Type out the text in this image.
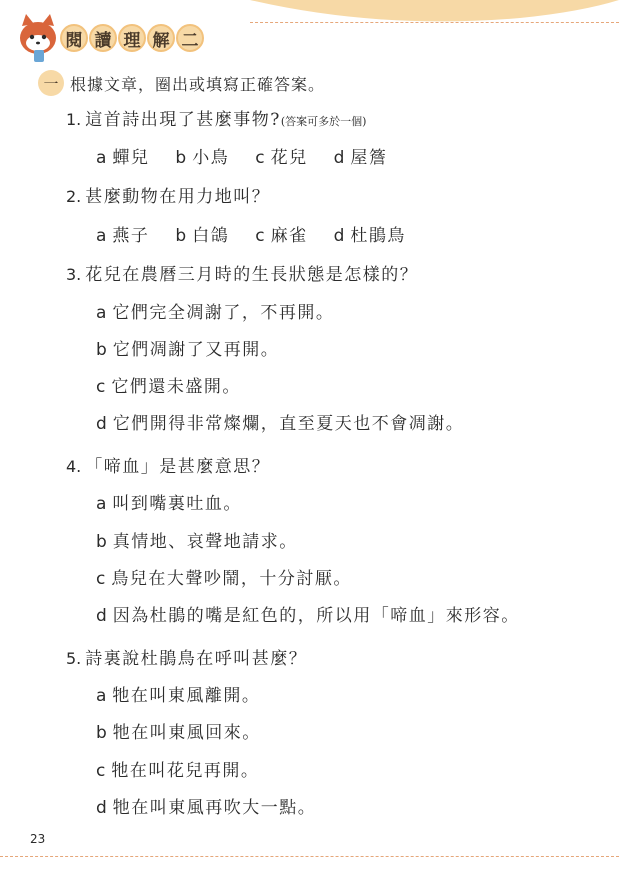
閱 讀 理 解 二
一 根據文章，圈出或填寫正確答案。
1. 這首詩出現了甚麼事物?(答案可多於一個)
a 蟬兒 b 小鳥 c 花兒 d 屋簷
2. 甚麼動物在用力地叫？
a 燕子 b 白鴿 c 麻雀 d 杜鵑鳥
3. 花兒在農曆三月時的生長狀態是怎樣的？
a 它們完全凋謝了，不再開。
b 它們凋謝了又再開。
c 它們還未盛開。
d 它們開得非常燦爛，直至夏天也不會凋謝。
4. 「啼血」是甚麼意思？
a 叫到嘴裏吐血。
b 真情地、哀聲地請求。
c 鳥兒在大聲吵鬧，十分討厭。
d 因為杜鵑的嘴是紅色的，所以用「啼血」來形容。
5. 詩裏說杜鵑鳥在呼叫甚麼？
a 牠在叫東風離開。
b 牠在叫東風回來。
c 牠在叫花兒再開。
d 牠在叫東風再吹大一點。
23
